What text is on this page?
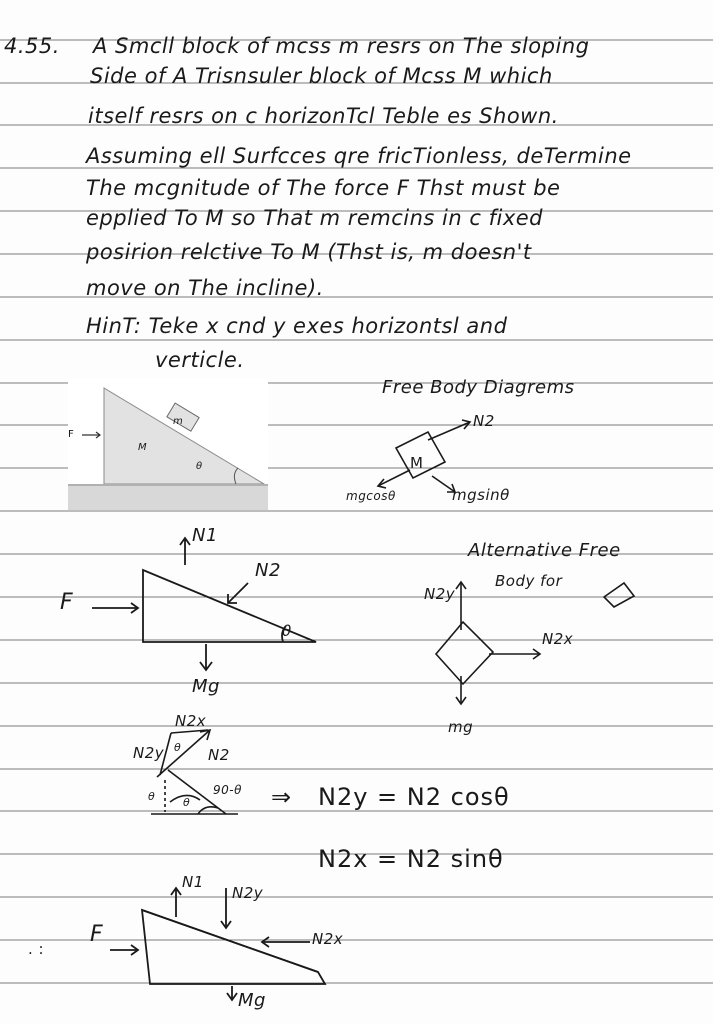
4.55. A Smcll block of mcss m resrs on The sloping
Side of A Trisnsuler block of Mcss M which
itself resrs on c horizonTcl Teble es Shown.
Assuming ell Surfcces qre fricTionless, deTermine
The mcgnitude of The force F Thst must be
epplied To M so That m remcins in c fixed
posirion relctive To M (Thst is, m doesn't
move on The incline).
HinT: Teke x cnd y exes horizontsl and
verticle.
F
M
m
θ
Free Body Diagrems
M
N2
mgcosθ	mgsinθ
N1
N2
F
θ
Mg
Alternative Free
Body for
N2y
N2x
mg
N2x
N2y	N2
θ
θ	θ
90-θ ⇒ N2y = N2 cosθ
N2x = N2 sinθ
N1
N2y
F	N2x
Mg
. :
